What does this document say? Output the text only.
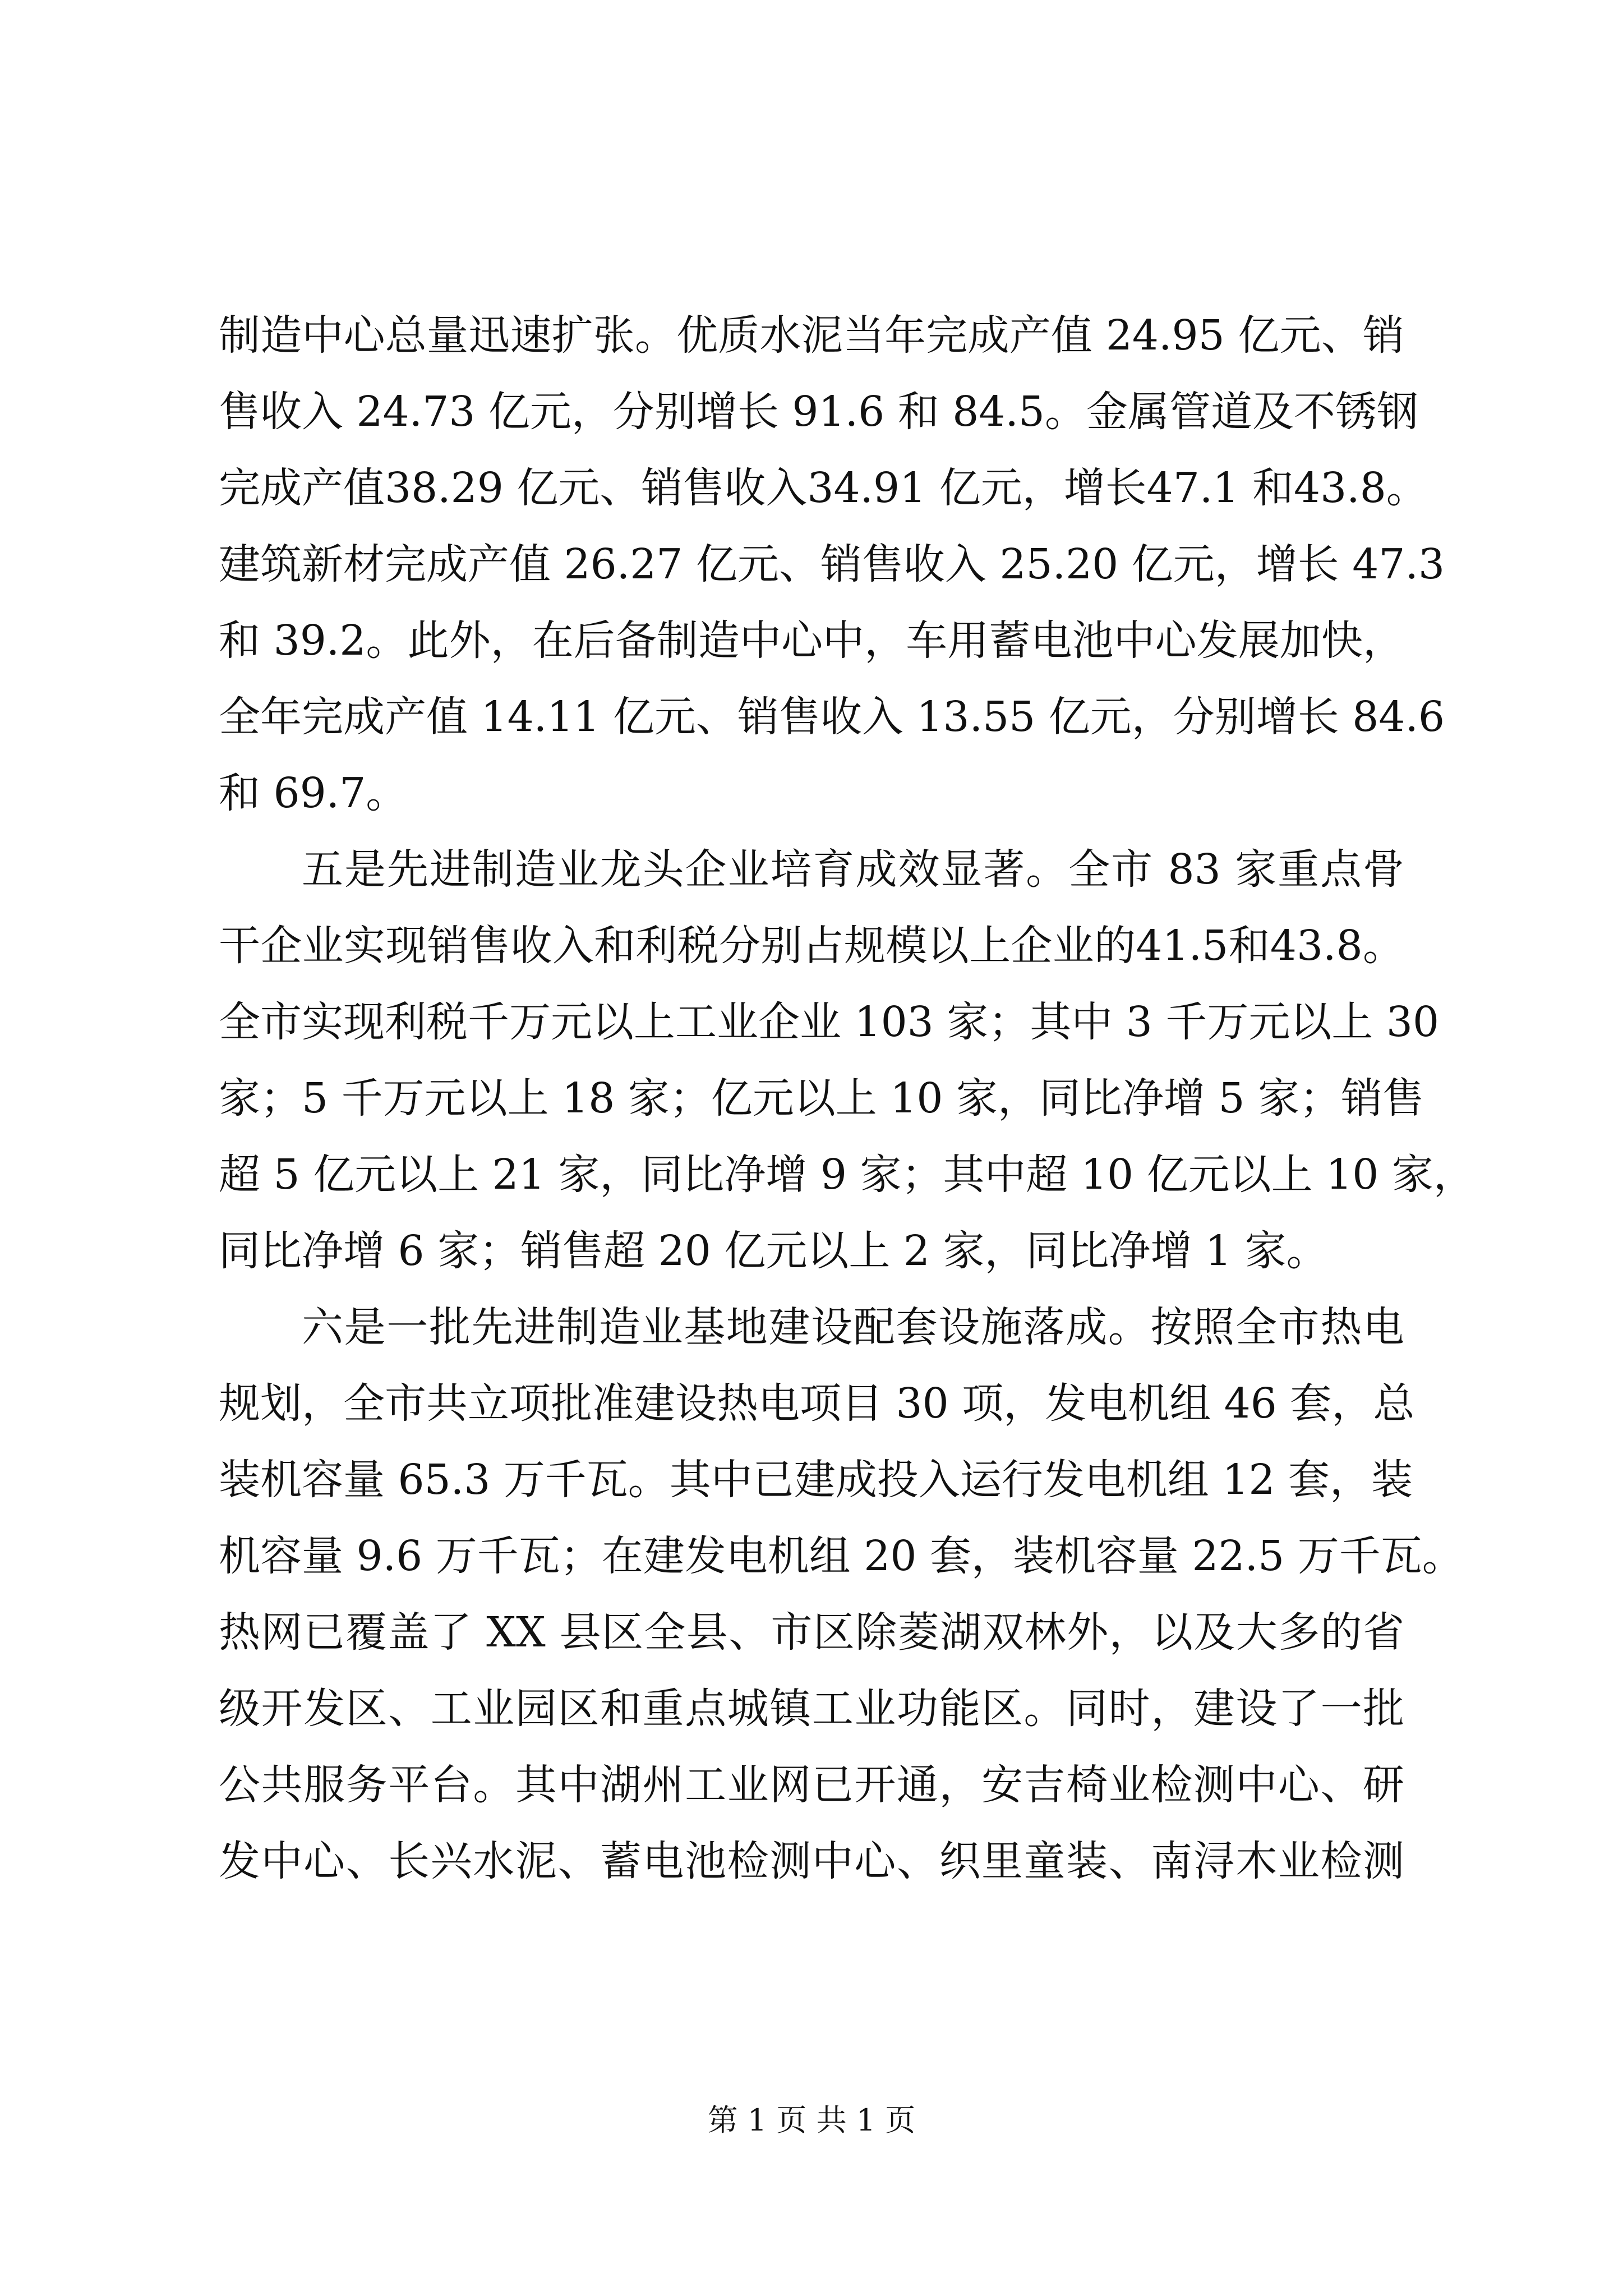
制造中心总量迅速扩张。优质水泥当年完成产值 24.95 亿元、销
售收入 24.73 亿元，分别增长 91.6 和 84.5。金属管道及不锈钢
完成产值38.29 亿元、销售收入34.91 亿元，增长47.1 和43.8。
建筑新材完成产值 26.27 亿元、销售收入 25.20 亿元，增长 47.3
和 39.2。此外，在后备制造中心中，车用蓄电池中心发展加快，
全年完成产值 14.11 亿元、销售收入 13.55 亿元，分别增长 84.6
和 69.7。
五是先进制造业龙头企业培育成效显著。全市 83 家重点骨
干企业实现销售收入和利税分别占规模以上企业的41.5和43.8。
全市实现利税千万元以上工业企业 103 家；其中 3 千万元以上 30
家；5 千万元以上 18 家；亿元以上 10 家，同比净增 5 家；销售
超 5 亿元以上 21 家，同比净增 9 家；其中超 10 亿元以上 10 家，
同比净增 6 家；销售超 20 亿元以上 2 家，同比净增 1 家。
六是一批先进制造业基地建设配套设施落成。按照全市热电
规划，全市共立项批准建设热电项目 30 项，发电机组 46 套，总
装机容量 65.3 万千瓦。其中已建成投入运行发电机组 12 套，装
机容量 9.6 万千瓦；在建发电机组 20 套，装机容量 22.5 万千瓦。
热网已覆盖了 XX 县区全县、市区除菱湖双林外，以及大多的省
级开发区、工业园区和重点城镇工业功能区。同时，建设了一批
公共服务平台。其中湖州工业网已开通，安吉椅业检测中心、研
发中心、长兴水泥、蓄电池检测中心、织里童装、南浔木业检测
第 1 页 共 1 页
